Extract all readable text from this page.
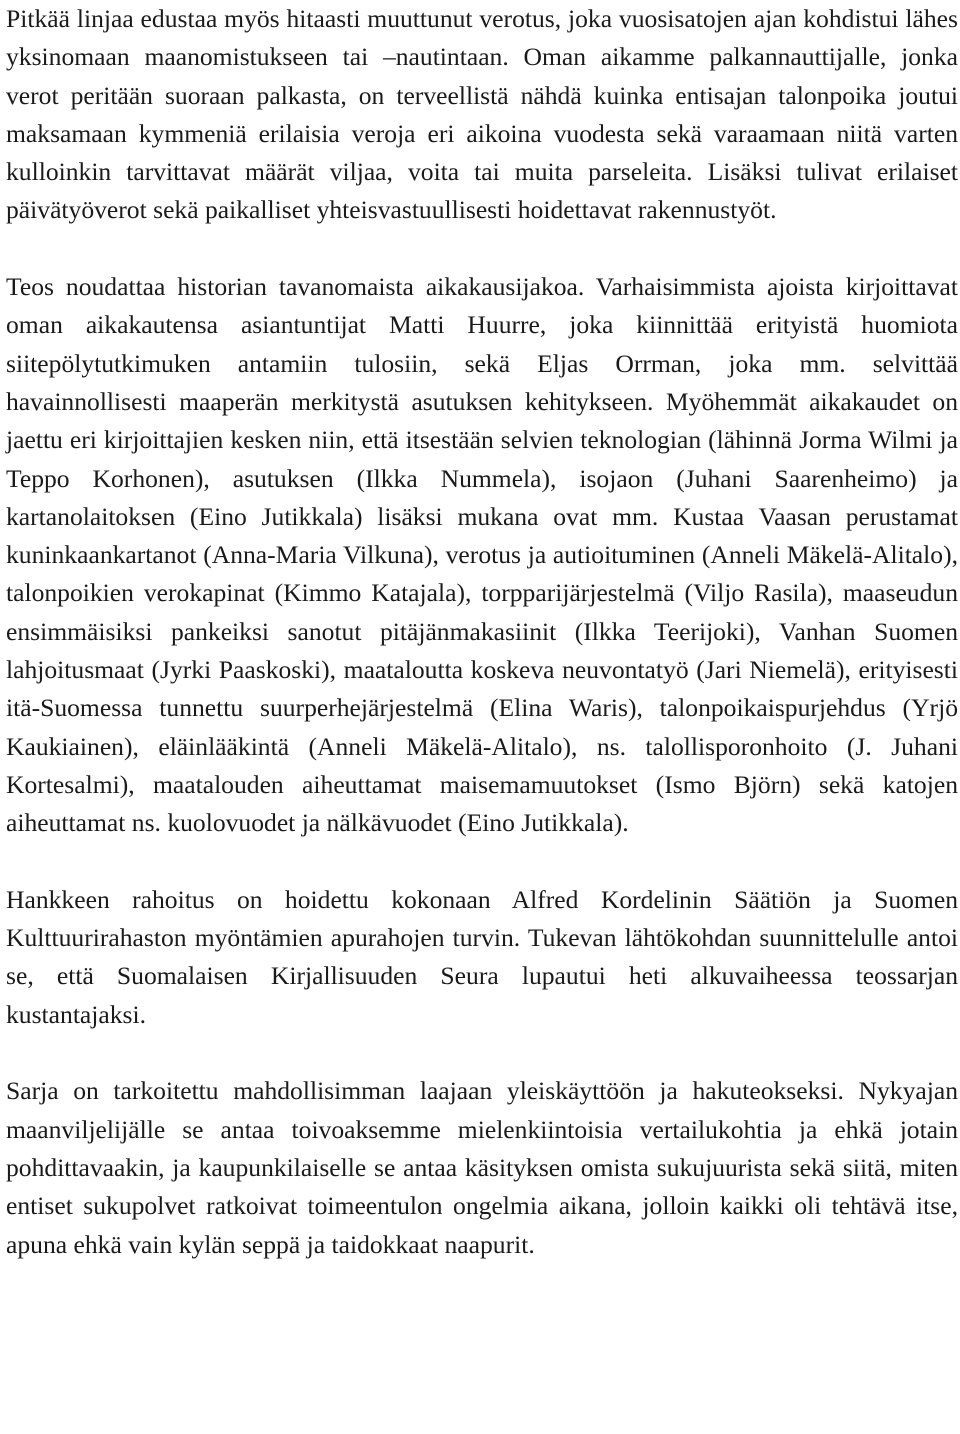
Pitkää linjaa edustaa myös hitaasti muuttunut verotus, joka vuosisatojen ajan kohdistui lähes yksinomaan maanomistukseen tai –nautintaan. Oman aikamme palkannauttijalle, jonka verot peritään suoraan palkasta, on terveellistä nähdä kuinka entisajan talonpoika joutui maksamaan kymmeniä erilaisia veroja eri aikoina vuodesta sekä varaamaan niitä varten kulloinkin tarvittavat määrät viljaa, voita tai muita parseleita. Lisäksi tulivat erilaiset päivätyöverot sekä paikalliset yhteisvastuullisesti hoidettavat rakennustyöt.

Teos noudattaa historian tavanomaista aikakausijakoa. Varhaisimmista ajoista kirjoittavat oman aikakautensa asiantuntijat Matti Huurre, joka kiinnittää erityistä huomiota siitepölytutkimuken antamiin tulosiin, sekä Eljas Orrman, joka mm. selvittää havainnollisesti maaperän merkitystä asutuksen kehitykseen. Myöhemmät aikakaudet on jaettu eri kirjoittajien kesken niin, että itsestään selvien teknologian (lähinnä Jorma Wilmi ja Teppo Korhonen), asutuksen (Ilkka Nummela), isojaon (Juhani Saarenheimo) ja kartanolaitoksen (Eino Jutikkala) lisäksi mukana ovat mm. Kustaa Vaasan perustamat kuninkaankartanot (Anna-Maria Vilkuna), verotus ja autioituminen (Anneli Mäkelä-Alitalo), talonpoikien verokapinat (Kimmo Katajala), torpparijärjestelmä (Viljo Rasila), maaseudun ensimmäisiksi pankeiksi sanotut pitäjänmakasiinit (Ilkka Teerijoki), Vanhan Suomen lahjoitusmaat (Jyrki Paaskoski), maataloutta koskeva neuvontatyö (Jari Niemelä), erityisesti itä-Suomessa tunnettu suurperhejärjestelmä (Elina Waris), talonpoikaispurjehdus (Yrjö Kaukiainen), eläinlääkintä (Anneli Mäkelä-Alitalo), ns. talollisporonhoito (J. Juhani Kortesalmi), maatalouden aiheuttamat maisemamuutokset (Ismo Björn) sekä katojen aiheuttamat ns. kuolovuodet ja nälkävuodet (Eino Jutikkala).

Hankkeen rahoitus on hoidettu kokonaan Alfred Kordelinin Säätiön ja Suomen Kulttuurirahaston myöntämien apurahojen turvin. Tukevan lähtökohdan suunnittelulle antoi se, että Suomalaisen Kirjallisuuden Seura lupautui heti alkuvaiheessa teossarjan kustantajaksi.

Sarja on tarkoitettu mahdollisimman laajaan yleiskäyttöön ja hakuteokseksi. Nykyajan maanviljelijälle se antaa toivoaksemme mielenkiintoisia vertailukohtia ja ehkä jotain pohdittavaakin, ja kaupunkilaiselle se antaa käsityksen omista sukujuurista sekä siitä, miten entiset sukupolvet ratkoivat toimeentulon ongelmia aikana, jolloin kaikki oli tehtävä itse, apuna ehkä vain kylän seppä ja taidokkaat naapurit.
